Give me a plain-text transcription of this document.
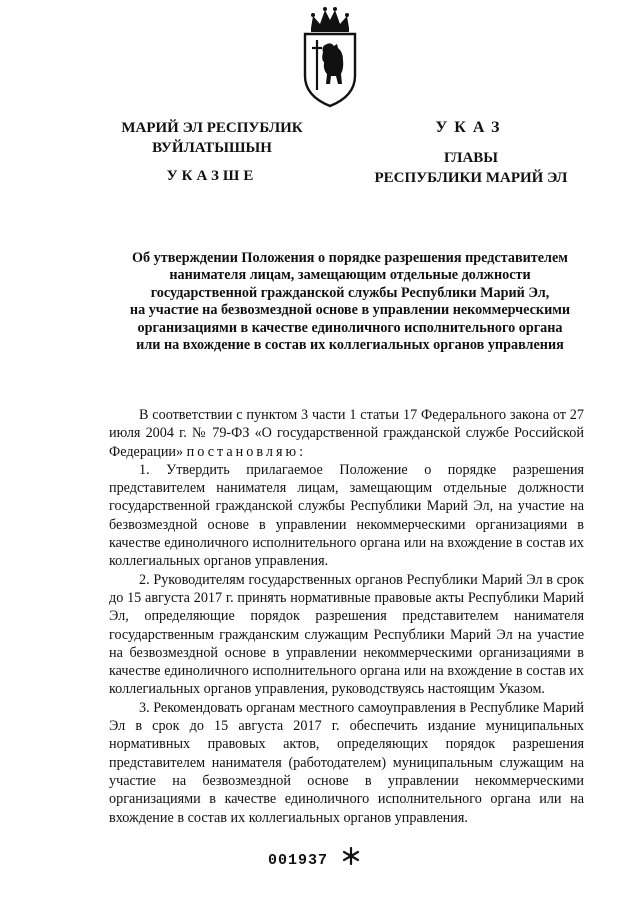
МАРИЙ ЭЛ РЕСПУБЛИК
ВУЙЛАТЫШЫН
УКАЗШЕ
УКАЗ
ГЛАВЫ
РЕСПУБЛИКИ МАРИЙ ЭЛ
Об утверждении Положения о порядке разрешения представителем
нанимателя лицам, замещающим отдельные должности
государственной гражданской службы Республики Марий Эл,
на участие на безвозмездной основе в управлении некоммерческими
организациями в качестве единоличного исполнительного органа
или на вхождение в состав их коллегиальных органов управления

В соответствии с пунктом 3 части 1 статьи 17 Федерального закона от 27 июля 2004 г. № 79-ФЗ «О государственной гражданской службе Российской Федерации» постановляю:

1. Утвердить прилагаемое Положение о порядке разрешения представителем нанимателя лицам, замещающим отдельные должности государственной гражданской службы Республики Марий Эл, на участие на безвозмездной основе в управлении некоммерческими организациями в качестве единоличного исполнительного органа или на вхождение в состав их коллегиальных органов управления.

2. Руководителям государственных органов Республики Марий Эл в срок до 15 августа 2017 г. принять нормативные правовые акты Республики Марий Эл, определяющие порядок разрешения представителем нанимателя государственным гражданским служащим Республики Марий Эл на участие на безвозмездной основе в управлении некоммерческими организациями в качестве единоличного исполнительного органа или на вхождение в состав их коллегиальных органов управления, руководствуясь настоящим Указом.

3. Рекомендовать органам местного самоуправления в Республике Марий Эл в срок до 15 августа 2017 г. обеспечить издание муниципальных нормативных правовых актов, определяющих порядок разрешения представителем нанимателя (работодателем) муниципальным служащим на участие на безвозмездной основе в управлении некоммерческими организациями в качестве единоличного исполнительного органа или на вхождение в состав их коллегиальных органов управления.

001937
